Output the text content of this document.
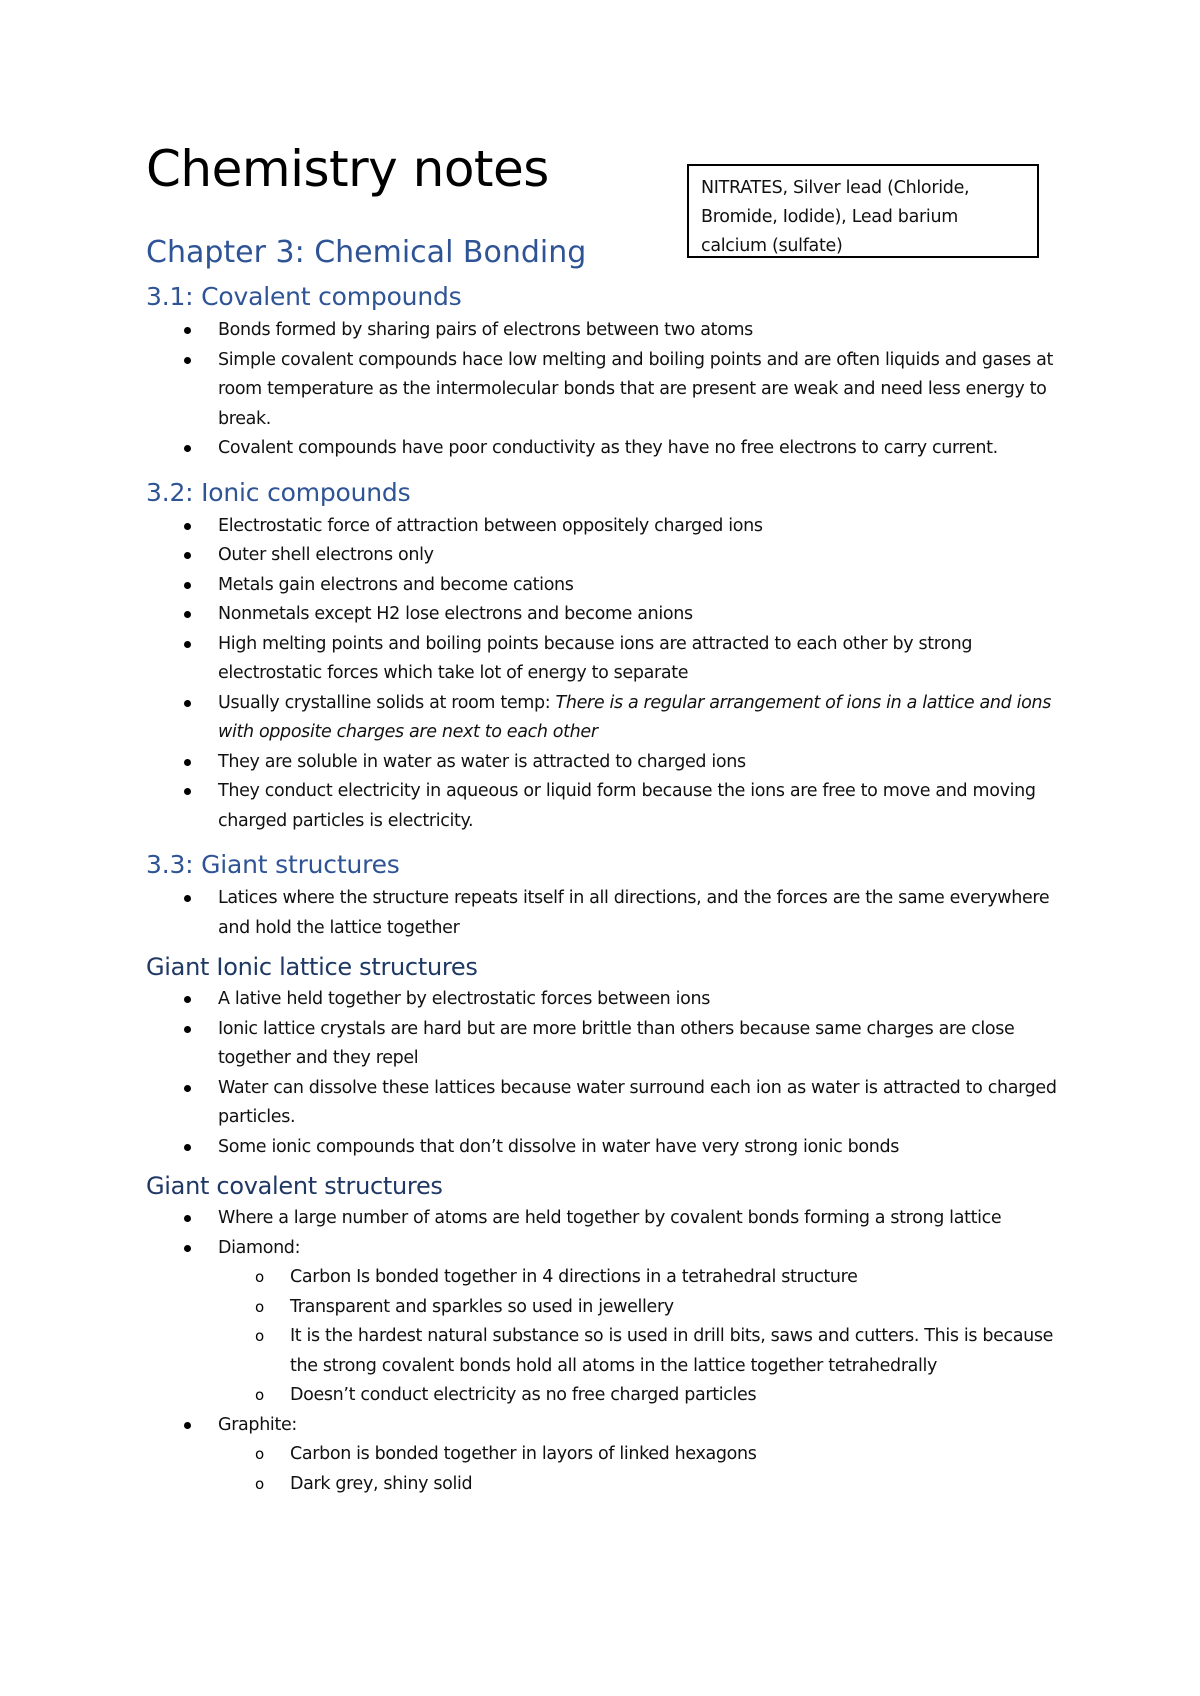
Chemistry notes	NITRATES, Silver lead (Chloride, Bromide, Iodide), Lead barium calcium (sulfate)
Chapter 3: Chemical Bonding
3.1: Covalent compounds
Bonds formed by sharing pairs of electrons between two atoms
Simple covalent compounds hace low melting and boiling points and are often liquids and gases at room temperature as the intermolecular bonds that are present are weak and need less energy to break.
Covalent compounds have poor conductivity as they have no free electrons to carry current.
3.2: Ionic compounds
Electrostatic force of attraction between oppositely charged ions
Outer shell electrons only
Metals gain electrons and become cations
Nonmetals except H2 lose electrons and become anions
High melting points and boiling points because ions are attracted to each other by strong electrostatic forces which take lot of energy to separate
Usually crystalline solids at room temp: There is a regular arrangement of ions in a lattice and ions with opposite charges are next to each other
They are soluble in water as water is attracted to charged ions
They conduct electricity in aqueous or liquid form because the ions are free to move and moving charged particles is electricity.
3.3: Giant structures
Latices where the structure repeats itself in all directions, and the forces are the same everywhere and hold the lattice together
Giant Ionic lattice structures
A lative held together by electrostatic forces between ions
Ionic lattice crystals are hard but are more brittle than others because same charges are close together and they repel
Water can dissolve these lattices because water surround each ion as water is attracted to charged particles.
Some ionic compounds that don’t dissolve in water have very strong ionic bonds
Giant covalent structures
Where a large number of atoms are held together by covalent bonds forming a strong lattice
Diamond:
o Carbon Is bonded together in 4 directions in a tetrahedral structure
o Transparent and sparkles so used in jewellery
o It is the hardest natural substance so is used in drill bits, saws and cutters. This is because the strong covalent bonds hold all atoms in the lattice together tetrahedrally
o Doesn’t conduct electricity as no free charged particles
Graphite:
o Carbon is bonded together in layors of linked hexagons
o Dark grey, shiny solid
